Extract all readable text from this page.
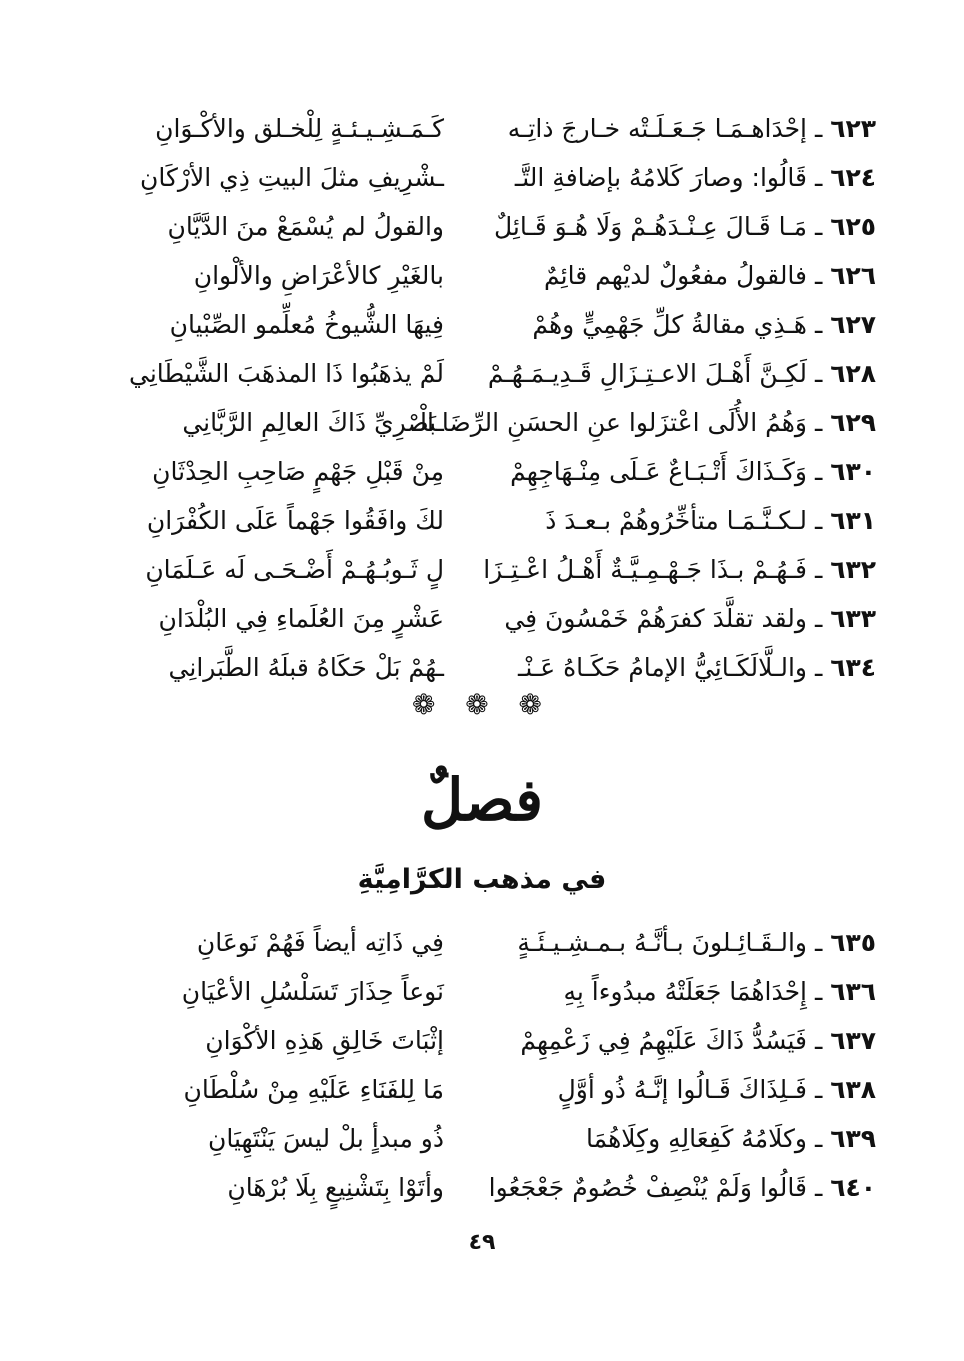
٦٢٣ ـ إحْدَاهـمَـا جَـعَـلَـتْه خـارجَ ذاتِـه
كَـمَـشِـيـئـةٍ لِلْخـلق والأكْـوَانِ
٦٢٤ ـ قَالُوا: وصارَ كَلامُهُ بإضافةِ التَّـ
ـشْرِيفِ مثلَ البيتِ ذِي الأرْكَانِ
٦٢٥ ـ مَـا قَـالَ عِـنْـدَهُـمْ وَلَا هُـوَ قَـائِلٌ
والقولُ لم يُسْمَعْ منَ الدَّيَّانِ
٦٢٦ ـ فالقولُ مفعُولٌ لديْهم قائِمٌ
بالغَيْرِ كالأعْرَاضِ والألْوانِ
٦٢٧ ـ هَـذِي مقالةُ كلِّ جَهْمِيٍّ وهُمْ
فِيهَا الشُّيوخُ مُعلِّمو الصِّبْيانِ
٦٢٨ ـ لَكِـنَّ أَهْـلَ الاعـتِـزَالِ قَـدِيـمَـهُـمْ
لَمْ يذهَبُوا ذَا المذهَبَ الشَّيْطَانِي
٦٢٩ ـ وَهُمُ الأُلَى اعْتزَلوا عنِ الحسَنِ الرِّضَا الْـ
ـبَصْرِيِّ ذَاكَ العالِمِ الرَّبَّانِي
٦٣٠ ـ وَكَـذَاكَ أَتْـبَـاعٌ عَـلَى مِنْـهَاجِهِمْ
مِنْ قَبْلِ جَهْمٍ صَاحِبِ الحِدْثَانِ
٦٣١ ـ لـكـنَّـمَـا متأخِّرُوهُمْ بـعـدَ ذَ
لكَ وافَقُوا جَهْماً عَلَى الكُفْرَانِ
٦٣٢ ـ فَـهُـمْ بـذَا جَـهْـمِـيَّـةٌ أَهْـلُ اعْـتِـزَا
لٍ ثَـوبُـهُـمْ أَضْـحَـى لَه عَـلَمَانِ
٦٣٣ ـ ولقد تقلَّدَ كفرَهُمْ خَمْسُونَ فِي
عَشْرٍ مِنَ العُلَماءِ فِي البُلْدَانِ
٦٣٤ ـ والـلَّالَكَـائِيُّ الإمامُ حَكَـاهُ عَـنْـ
ـهُمْ بَلْ حَكَاهُ قبلَهُ الطَّبَرانِي
❁ ❁ ❁
فصلٌ
في مذهب الكرَّامِيَّةِ
٦٣٥ ـ والـقَـائِـلونَ بـأنَّـهُ بـمـشِـيـئَـةٍ
فِي ذَاتِه أيضاً فَهُمْ نَوعَانِ
٦٣٦ ـ إِحْدَاهُمَا جَعَلَتْهُ مبدُوءاً بِهِ
نَوعاً حِذَارَ تَسَلْسُلِ الأعْيَانِ
٦٣٧ ـ فَيَسُدُّ ذَاكَ عَلَيْهِمُ فِي زَعْمِهِمْ
إثْبَاتَ خَالِقِ هَذِهِ الأكْوَانِ
٦٣٨ ـ فَـلِذَاكَ قَـالُوا إنَّـهُ ذُو أوَّلٍ
مَا لِلفَنَاءِ عَلَيْهِ مِنْ سُلْطَانِ
٦٣٩ ـ وكلَامُهُ كَفِعَالِهِ وكِلَاهُمَا
ذُو مبدأٍ بلْ ليسَ يَنْتَهِيَانِ
٦٤٠ ـ قَالُوا وَلَمْ يُنْصِفْ خُصُومٌ جَعْجَعُوا
وأتَوْا بِتَشْنِيعٍ بِلَا بُرْهَانِ
٤٩
